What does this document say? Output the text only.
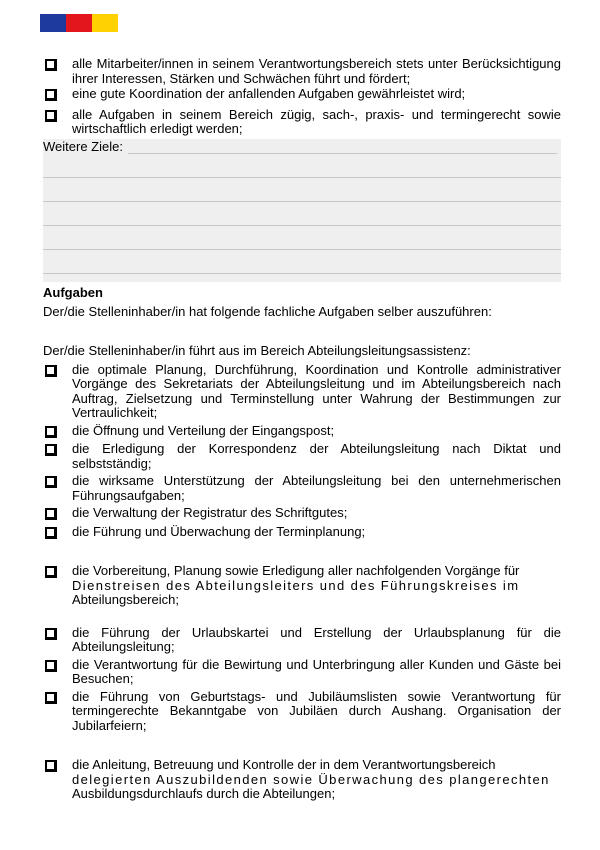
alle Mitarbeiter/innen in seinem Verantwortungsbereich stets unter Berücksichtigung ihrer Interessen, Stärken und Schwächen führt und fördert;
eine gute Koordination der anfallenden Aufgaben gewährleistet wird;
alle Aufgaben in seinem Bereich zügig, sach-, praxis- und termingerecht sowie wirtschaftlich erledigt werden;
Weitere Ziele:
Aufgaben

Der/die Stelleninhaber/in hat folgende fachliche Aufgaben selber auszuführen:

Der/die Stelleninhaber/in führt aus im Bereich Abteilungsleitungsassistenz:

die optimale Planung, Durchführung, Koordination und Kontrolle administrativer Vorgänge des Sekretariats der Abteilungsleitung und im Abteilungsbereich nach Auftrag, Zielsetzung und Terminstellung unter Wahrung der Bestimmungen zur Vertraulichkeit;
die Öffnung und Verteilung der Eingangspost;
die Erledigung der Korrespondenz der Abteilungsleitung nach Diktat und selbstständig;
die wirksame Unterstützung der Abteilungsleitung bei den unternehmerischen Führungsaufgaben;
die Verwaltung der Registratur des Schriftgutes;
die Führung und Überwachung der Terminplanung;
die Vorbereitung, Planung sowie Erledigung aller nachfolgenden Vorgänge für
Dienstreisen des Abteilungsleiters und des Führungskreises im
Abteilungsbereich;
die Führung der Urlaubskartei und Erstellung der Urlaubsplanung für die Abteilungsleitung;
die Verantwortung für die Bewirtung und Unterbringung aller Kunden und Gäste bei Besuchen;
die Führung von Geburtstags- und Jubiläumslisten sowie Verantwortung für termingerechte Bekanntgabe von Jubiläen durch Aushang. Organisation der Jubilarfeiern;
die Anleitung, Betreuung und Kontrolle der in dem Verantwortungsbereich
delegierten Auszubildenden sowie Überwachung des plangerechten
Ausbildungsdurchlaufs durch die Abteilungen;
